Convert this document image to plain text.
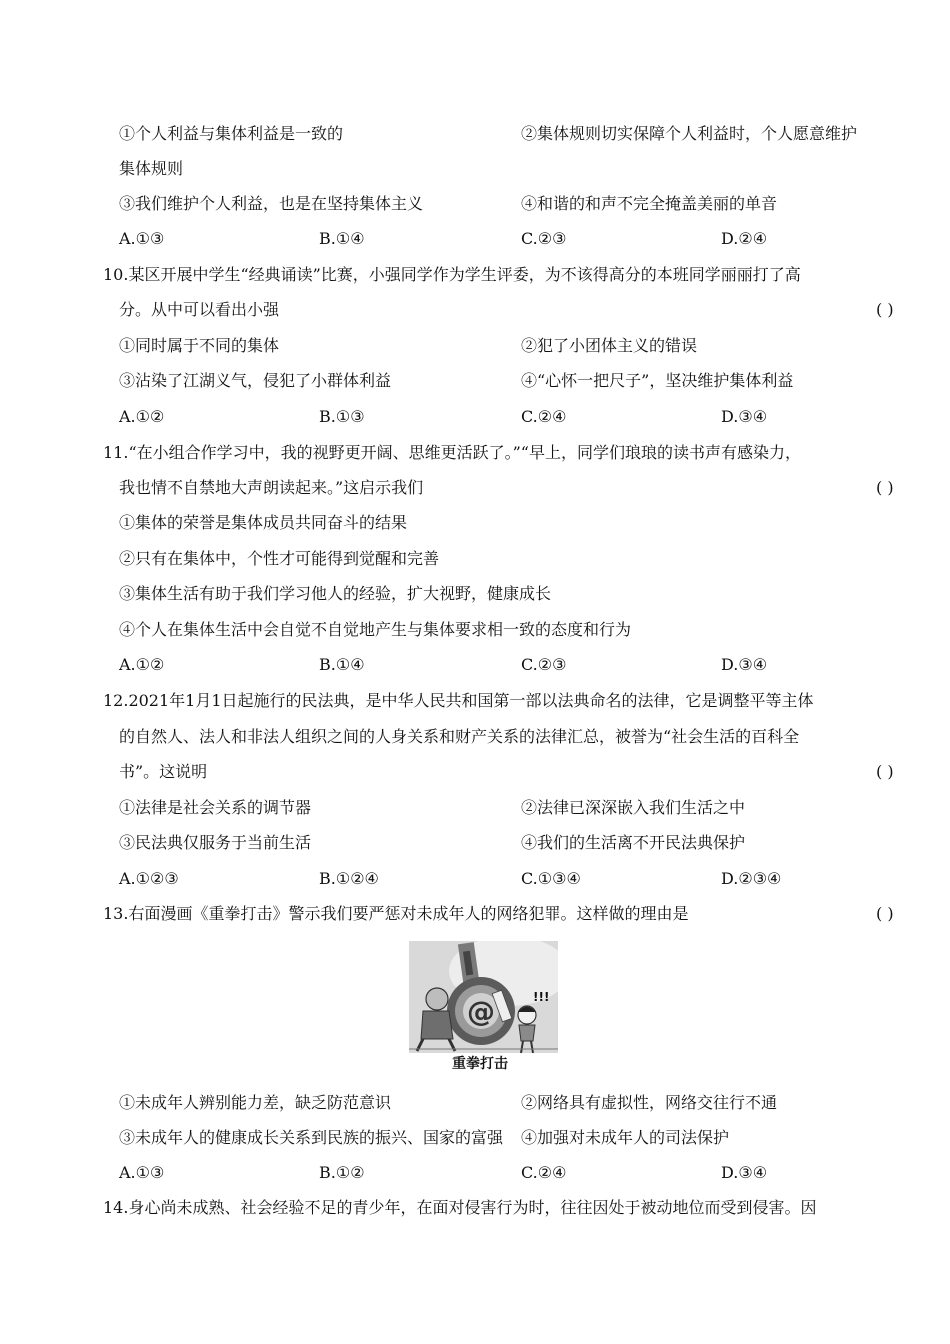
①个人利益与集体利益是一致的	②集体规则切实保障个人利益时，个人愿意维护
集体规则
③我们维护个人利益，也是在坚持集体主义	④和谐的和声不完全掩盖美丽的单音
A.①③	B.①④	C.②③	D.②④
10.某区开展中学生“经典诵读”比赛，小强同学作为学生评委，为不该得高分的本班同学丽丽打了高
分。从中可以看出小强	( )
①同时属于不同的集体	②犯了小团体主义的错误
③沾染了江湖义气，侵犯了小群体利益	④“心怀一把尺子”，坚决维护集体利益
A.①②	B.①③	C.②④	D.③④
11.“在小组合作学习中，我的视野更开阔、思维更活跃了。”“早上，同学们琅琅的读书声有感染力，
我也情不自禁地大声朗读起来。”这启示我们	( )
①集体的荣誉是集体成员共同奋斗的结果
②只有在集体中，个性才可能得到觉醒和完善
③集体生活有助于我们学习他人的经验，扩大视野，健康成长
④个人在集体生活中会自觉不自觉地产生与集体要求相一致的态度和行为
A.①②	B.①④	C.②③	D.③④
12.2021年1月1日起施行的民法典，是中华人民共和国第一部以法典命名的法律，它是调整平等主体
的自然人、法人和非法人组织之间的人身关系和财产关系的法律汇总，被誉为“社会生活的百科全
书”。这说明	( )
①法律是社会关系的调节器	②法律已深深嵌入我们生活之中
③民法典仅服务于当前生活	④我们的生活离不开民法典保护
A.①②③	B.①②④	C.①③④	D.②③④
13.右面漫画《重拳打击》警示我们要严惩对未成年人的网络犯罪。这样做的理由是	( )
@	!!!
重拳打击
①未成年人辨别能力差，缺乏防范意识	②网络具有虚拟性，网络交往行不通
③未成年人的健康成长关系到民族的振兴、国家的富强 ④加强对未成年人的司法保护
A.①③	B.①②	C.②④	D.③④
14.身心尚未成熟、社会经验不足的青少年，在面对侵害行为时，往往因处于被动地位而受到侵害。因
